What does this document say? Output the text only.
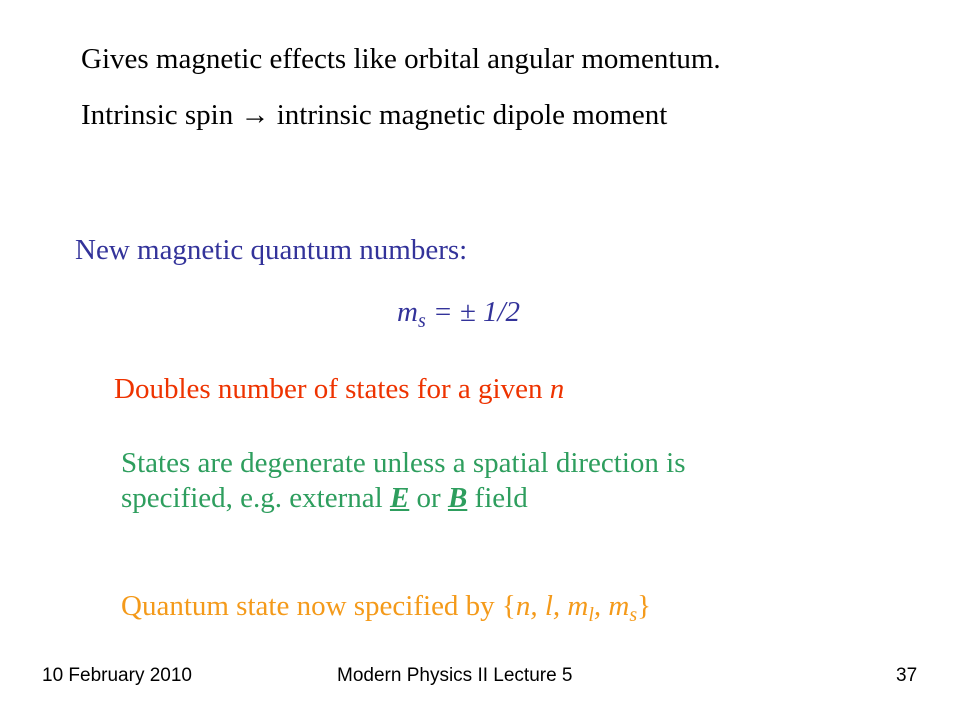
Gives magnetic effects like orbital angular momentum.
Intrinsic spin → intrinsic magnetic dipole moment
New magnetic quantum numbers:
$m_s$ = ± 1/2
Doubles number of states for a given n
States are degenerate unless a spatial direction is
specified, e.g. external E or B field
Quantum state now specified by {n, l, $m_l$, $m_s$}
10 February 2010	Modern Physics II Lecture 5	37
